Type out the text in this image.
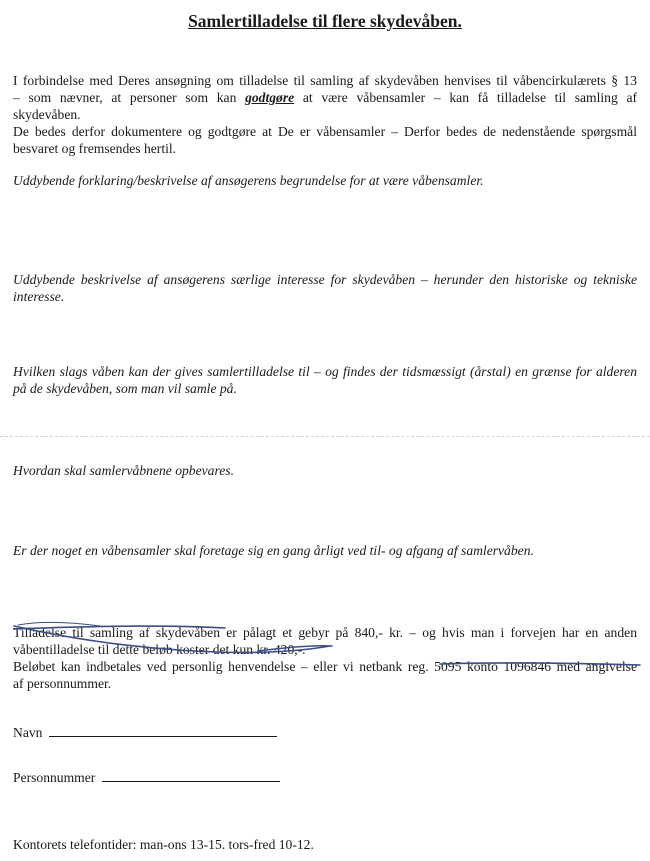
Samlertilladelse til flere skydevåben.
I forbindelse med Deres ansøgning om tilladelse til samling af skydevåben henvises til våbencirkulærets § 13
– som nævner, at personer som kan godtgøre at være våbensamler – kan få tilladelse til samling af
skydevåben.
De bedes derfor dokumentere og godtgøre at De er våbensamler – Derfor bedes de nedenstående spørgsmål
besvaret og fremsendes hertil.
Uddybende forklaring/beskrivelse af ansøgerens begrundelse for at være våbensamler.
Uddybende beskrivelse af ansøgerens særlige interesse for skydevåben – herunder den historiske og tekniske interesse.
Hvilken slags våben kan der gives samlertilladelse til – og findes der tidsmæssigt (årstal) en grænse for alderen på de skydevåben, som man vil samle på.
Hvordan skal samlervåbnene opbevares.
Er der noget en våbensamler skal foretage sig en gang årligt ved til- og afgang af samlervåben.
Tilladelse til samling af skydevåben er pålagt et gebyr på 840,- kr. – og hvis man i forvejen har en anden
våbentilladelse til dette beløb koster det kun kr. 420,-.
Beløbet kan indbetales ved personlig henvendelse – eller vi netbank reg. 5095 konto 1096846 med angivelse
af personnummer.
Navn
Personnummer
Kontorets telefontider: man-ons 13-15. tors-fred 10-12.
